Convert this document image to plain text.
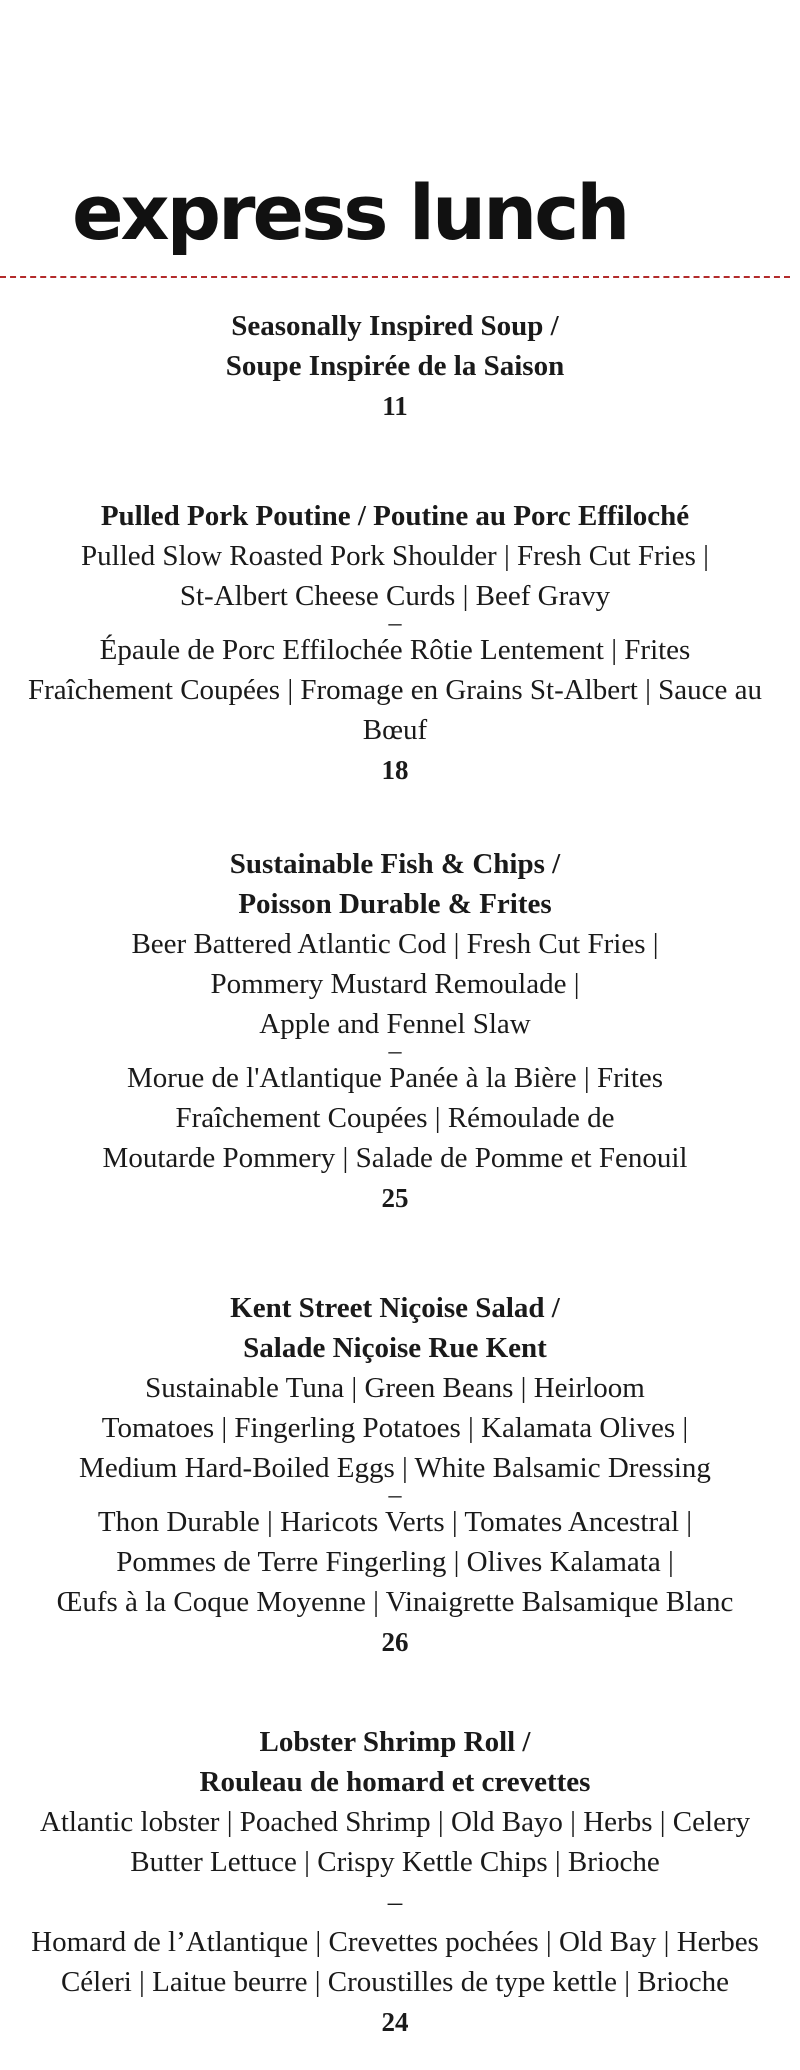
express lunch

Seasonally Inspired Soup /

Soupe Inspirée de la Saison

11

Pulled Pork Poutine / Poutine au Porc Effiloché

Pulled Slow Roasted Pork Shoulder | Fresh Cut Fries |

St-Albert Cheese Curds | Beef Gravy

–

Épaule de Porc Effilochée Rôtie Lentement | Frites

Fraîchement Coupées | Fromage en Grains St-Albert | Sauce au

Bœuf

18

Sustainable Fish & Chips /

Poisson Durable & Frites

Beer Battered Atlantic Cod | Fresh Cut Fries |

Pommery Mustard Remoulade |

Apple and Fennel Slaw

–

Morue de l'Atlantique Panée à la Bière | Frites

Fraîchement Coupées | Rémoulade de

Moutarde Pommery | Salade de Pomme et Fenouil

25

Kent Street Niçoise Salad /

Salade Niçoise Rue Kent

Sustainable Tuna | Green Beans | Heirloom

Tomatoes | Fingerling Potatoes | Kalamata Olives |

Medium Hard-Boiled Eggs | White Balsamic Dressing

–

Thon Durable | Haricots Verts | Tomates Ancestral |

Pommes de Terre Fingerling | Olives Kalamata |

Œufs à la Coque Moyenne | Vinaigrette Balsamique Blanc

26

Lobster Shrimp Roll /

Rouleau de homard et crevettes

Atlantic lobster | Poached Shrimp | Old Bayo | Herbs | Celery

Butter Lettuce | Crispy Kettle Chips | Brioche

–

Homard de l’Atlantique | Crevettes pochées | Old Bay | Herbes

Céleri | Laitue beurre | Croustilles de type kettle | Brioche

24
